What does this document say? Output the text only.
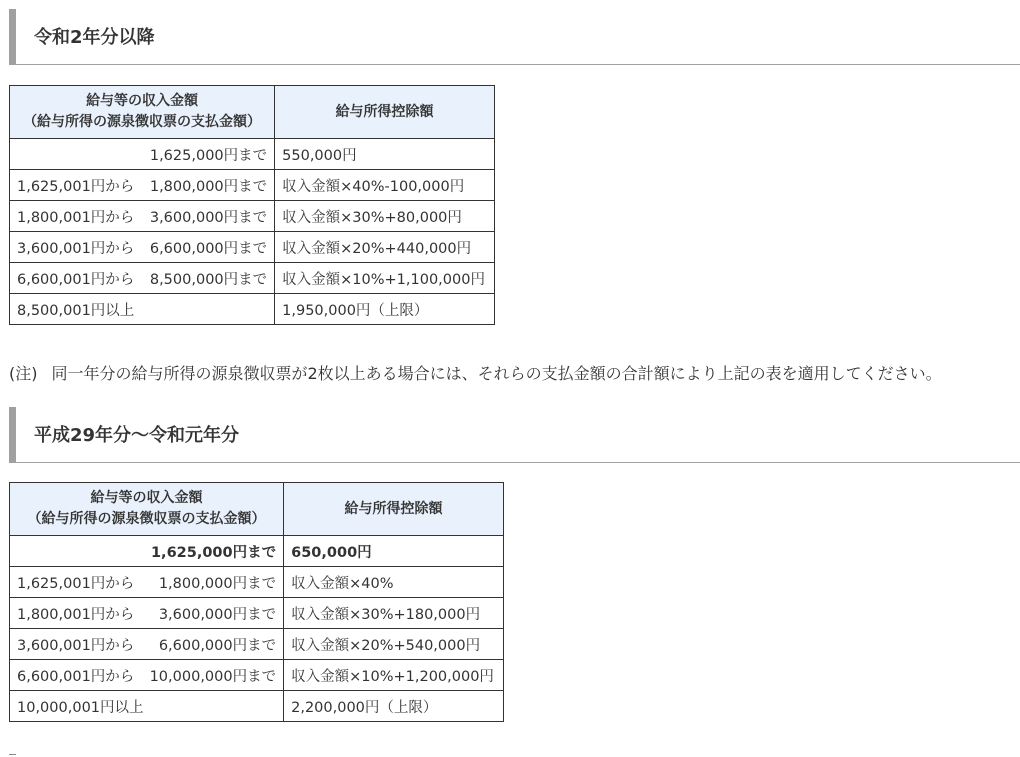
令和2年分以降
給与等の収入金額
（給与所得の源泉徴収票の支払金額）	給与所得控除額

1,625,000円まで	550,000円

1,625,001円から 1,800,000円まで	収入金額×40%-100,000円

1,800,001円から 3,600,000円まで	収入金額×30%+80,000円

3,600,001円から 6,600,000円まで	収入金額×20%+440,000円

6,600,001円から 8,500,000円まで	収入金額×10%+1,100,000円

8,500,001円以上	1,950,000円（上限）
(注) 同一年分の給与所得の源泉徴収票が2枚以上ある場合には、それらの支払金額の合計額により上記の表を適用してください。
平成29年分～令和元年分
給与等の収入金額
（給与所得の源泉徴収票の支払金額）	給与所得控除額

1,625,000円まで	650,000円

1,625,001円から 1,800,000円まで	収入金額×40%

1,800,001円から 3,600,000円まで	収入金額×30%+180,000円

3,600,001円から 6,600,000円まで	収入金額×20%+540,000円

6,600,001円から 10,000,000円まで	収入金額×10%+1,200,000円

10,000,001円以上	2,200,000円（上限）
